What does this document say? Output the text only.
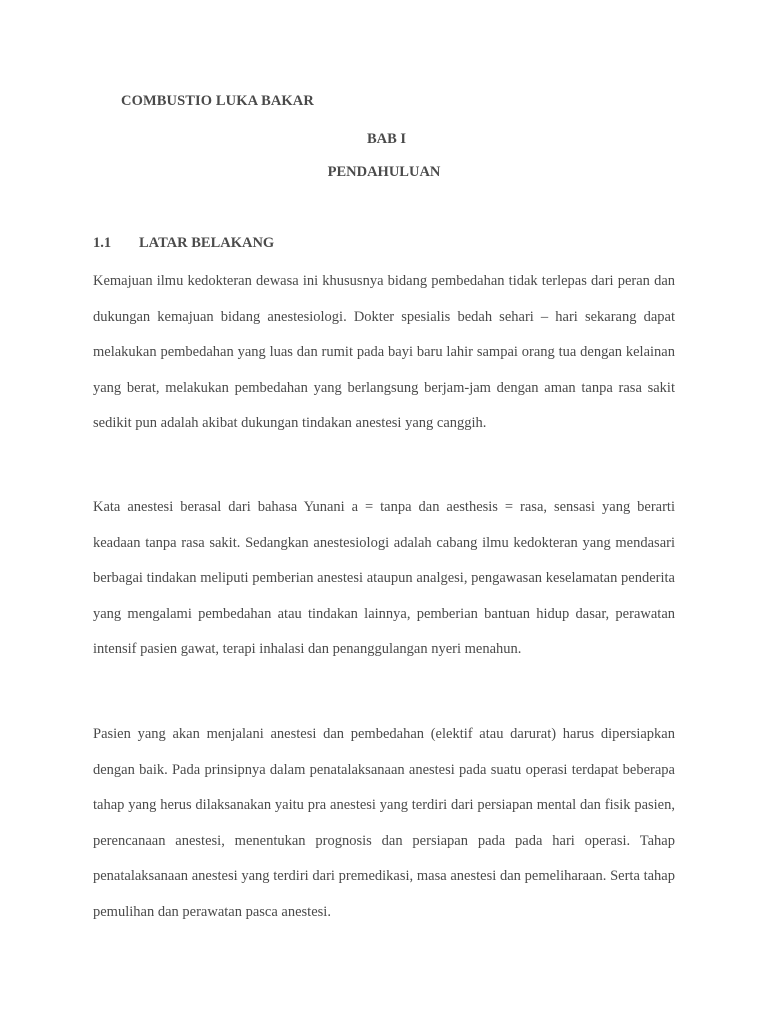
COMBUSTIO LUKA BAKAR
BAB I
PENDAHULUAN
1.1 LATAR BELAKANG

Kemajuan ilmu kedokteran dewasa ini khususnya bidang pembedahan tidak terlepas dari peran dan dukungan kemajuan bidang anestesiologi. Dokter spesialis bedah sehari – hari sekarang dapat melakukan pembedahan yang luas dan rumit pada bayi baru lahir sampai orang tua dengan kelainan yang berat, melakukan pembedahan yang berlangsung berjam-jam dengan aman tanpa rasa sakit sedikit pun adalah akibat dukungan tindakan anestesi yang canggih.

Kata anestesi berasal dari bahasa Yunani a = tanpa dan aesthesis = rasa, sensasi yang berarti keadaan tanpa rasa sakit. Sedangkan anestesiologi adalah cabang ilmu kedokteran yang mendasari berbagai tindakan meliputi pemberian anestesi ataupun analgesi, pengawasan keselamatan penderita yang mengalami pembedahan atau tindakan lainnya, pemberian bantuan hidup dasar, perawatan intensif pasien gawat, terapi inhalasi dan penanggulangan nyeri menahun.

Pasien yang akan menjalani anestesi dan pembedahan (elektif atau darurat) harus dipersiapkan dengan baik. Pada prinsipnya dalam penatalaksanaan anestesi pada suatu operasi terdapat beberapa tahap yang herus dilaksanakan yaitu pra anestesi yang terdiri dari persiapan mental dan fisik pasien, perencanaan anestesi, menentukan prognosis dan persiapan pada pada hari operasi. Tahap penatalaksanaan anestesi yang terdiri dari premedikasi, masa anestesi dan pemeliharaan. Serta tahap pemulihan dan perawatan pasca anestesi.
